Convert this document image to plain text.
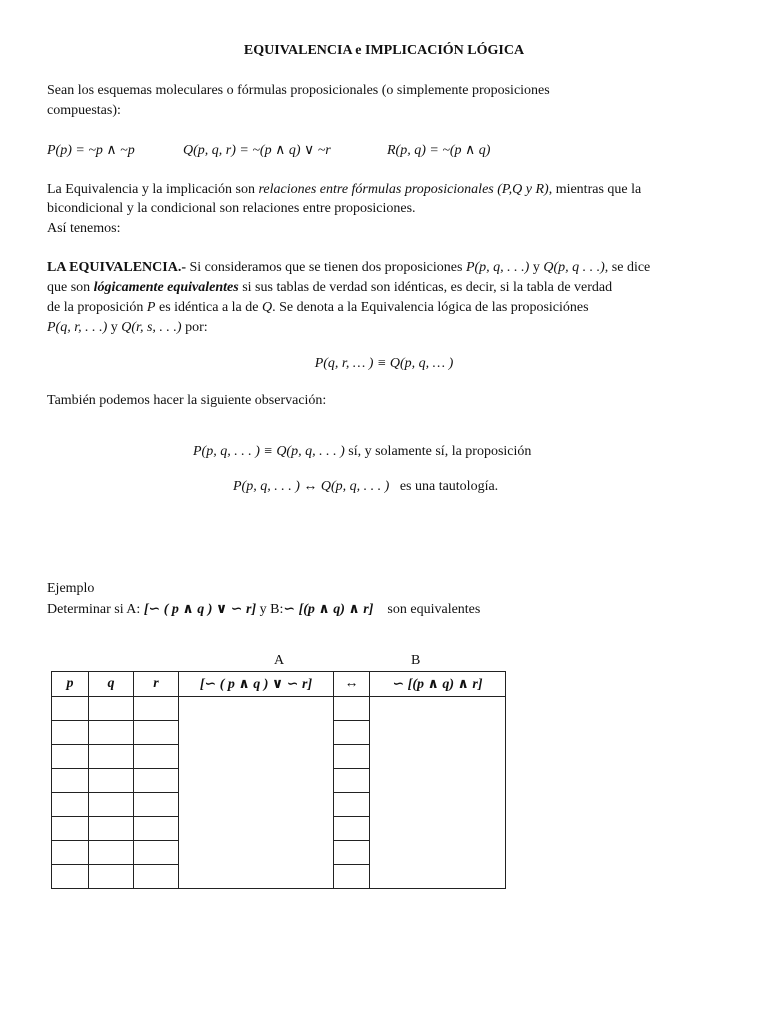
EQUIVALENCIA e IMPLICACIÓN LÓGICA
Sean los esquemas moleculares o fórmulas proposicionales (o simplemente proposiciones
compuestas):
P(p) = ~p ∧ ~p	Q(p, q, r) = ~(p ∧ q) ∨ ~r	R(p, q) = ~(p ∧ q)
La Equivalencia y la implicación son relaciones entre fórmulas proposicionales (P,Q y R), mientras que la
bicondicional y la condicional son relaciones entre proposiciones.
Así tenemos:
LA EQUIVALENCIA.- Si consideramos que se tienen dos proposiciones P(p, q, . . .) y Q(p, q . . .), se dice
que son lógicamente equivalentes si sus tablas de verdad son idénticas, es decir, si la tabla de verdad
de la proposición P es idéntica a la de Q. Se denota a la Equivalencia lógica de las proposiciónes
P(q, r, . . .) y Q(r, s, . . .) por:
P(q, r, … ) ≡ Q(p, q, … )
También podemos hacer la siguiente observación:
P(p, q, . . . ) ≡ Q(p, q, . . . ) sí, y solamente sí, la proposición
P(p, q, . . . ) ↔ Q(p, q, . . . ) es una tautología.
Ejemplo
Determinar si A: [∽ ( p ∧ q ) ∨ ∽ r] y B:∽ [(p ∧ q) ∧ r] son equivalentes
A	B
p	q	r	[∽ ( p ∧ q ) ∨ ∽ r]	↔	∽ [(p ∧ q) ∧ r]
